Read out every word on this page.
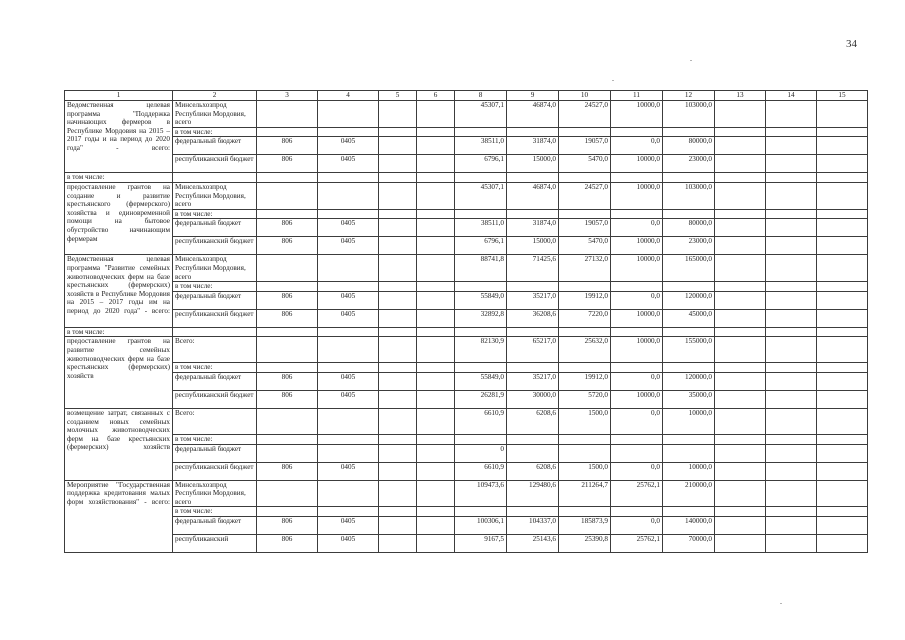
34
1	2	3	4	5	6	8	9	10	11	12	13	14	15
Ведомственная целевая программа "Поддержка начинающих фермеров в Республике Мордовия на 2015 – 2017 годы и на период до 2020 года" - всего:	Минсельхозпрод Республики Мордовия, всего					45307,1	46874,0	24527,0	10000,0	103000,0			
	в том числе:												
	федеральный бюджет	806	0405			38511,0	31874,0	19057,0	0,0	80000,0			
	республиканский бюджет	806	0405			6796,1	15000,0	5470,0	10000,0	23000,0			
в том числе:													
предоставление грантов на создание и развитие крестьянского (фермерского) хозяйства и единовременной помощи на бытовое обустройство начинающим фермерам	Минсельхозпрод Республики Мордовия, всего					45307,1	46874,0	24527,0	10000,0	103000,0			
	в том числе:												
	федеральный бюджет	806	0405			38511,0	31874,0	19057,0	0,0	80000,0			
	республиканский бюджет	806	0405			6796,1	15000,0	5470,0	10000,0	23000,0			
Ведомственная целевая программа "Развитие семейных животноводческих ферм на базе крестьянских (фермерских) хозяйств в Республике Мордовия на 2015 – 2017 годы им на период до 2020 года" - всего:	Минсельхозпрод Республики Мордовия, всего					88741,8	71425,6	27132,0	10000,0	165000,0			
	в том числе:												
	федеральный бюджет	806	0405			55849,0	35217,0	19912,0	0,0	120000,0			
	республиканский бюджет	806	0405			32892,8	36208,6	7220,0	10000,0	45000,0			
в том числе:													
предоставление грантов на развитие семейных животноводческих ферм на базе крестьянских (фермерских) хозяйств	Всего:					82130,9	65217,0	25632,0	10000,0	155000,0			
	в том числе:												
	федеральный бюджет	806	0405			55849,0	35217,0	19912,0	0,0	120000,0			
	республиканский бюджет	806	0405			26281,9	30000,0	5720,0	10000,0	35000,0			
возмещение затрат, связанных с созданием новых семейных молочных животноводческих ферм на базе крестьянских (фермерских) хозяйств	Всего:					6610,9	6208,6	1500,0	0,0	10000,0			
	в том числе:												
	федеральный бюджет					0							
	республиканский бюджет	806	0405			6610,9	6208,6	1500,0	0,0	10000,0			
Мероприятие "Государственная поддержка кредитования малых форм хозяйствования" - всего:	Минсельхозпрод Республики Мордовия, всего					109473,6	129480,6	211264,7	25762,1	210000,0			
	в том числе:												
	федеральный бюджет	806	0405			100306,1	104337,0	185873,9	0,0	140000,0			
	республиканский	806	0405			9167,5	25143,6	25390,8	25762,1	70000,0			
